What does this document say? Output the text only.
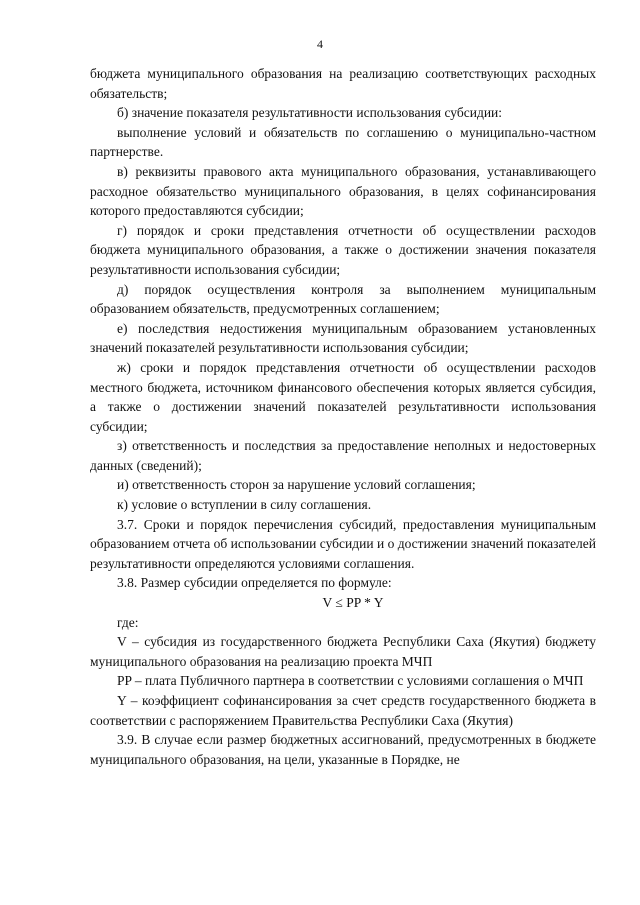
4

бюджета муниципального образования на реализацию соответствующих расходных обязательств;

б) значение показателя результативности использования субсидии:

выполнение условий и обязательств по соглашению о муниципально-частном партнерстве.

в) реквизиты правового акта муниципального образования, устанавливающего расходное обязательство муниципального образования, в целях софинансирования которого предоставляются субсидии;

г) порядок и сроки представления отчетности об осуществлении расходов бюджета муниципального образования, а также о достижении значения показателя результативности использования субсидии;

д) порядок осуществления контроля за выполнением муниципальным образованием обязательств, предусмотренных соглашением;

е) последствия недостижения муниципальным образованием установленных значений показателей результативности использования субсидии;

ж) сроки и порядок представления отчетности об осуществлении расходов местного бюджета, источником финансового обеспечения которых является субсидия, а также о достижении значений показателей результативности использования субсидии;

з) ответственность и последствия за предоставление неполных и недостоверных данных (сведений);

и) ответственность сторон за нарушение условий соглашения;

к) условие о вступлении в силу соглашения.

3.7. Сроки и порядок перечисления субсидий, предоставления муниципальным образованием отчета об использовании субсидии и о достижении значений показателей результативности определяются условиями соглашения.

3.8. Размер субсидии определяется по формуле:

V ≤ PP * Y

где:

V – субсидия из государственного бюджета Республики Саха (Якутия) бюджету муниципального образования на реализацию проекта МЧП

PP – плата Публичного партнера в соответствии с условиями соглашения о МЧП

Y – коэффициент софинансирования за счет средств государственного бюджета в соответствии с распоряжением Правительства Республики Саха (Якутия)

3.9. В случае если размер бюджетных ассигнований, предусмотренных в бюджете муниципального образования, на цели, указанные в Порядке, не
